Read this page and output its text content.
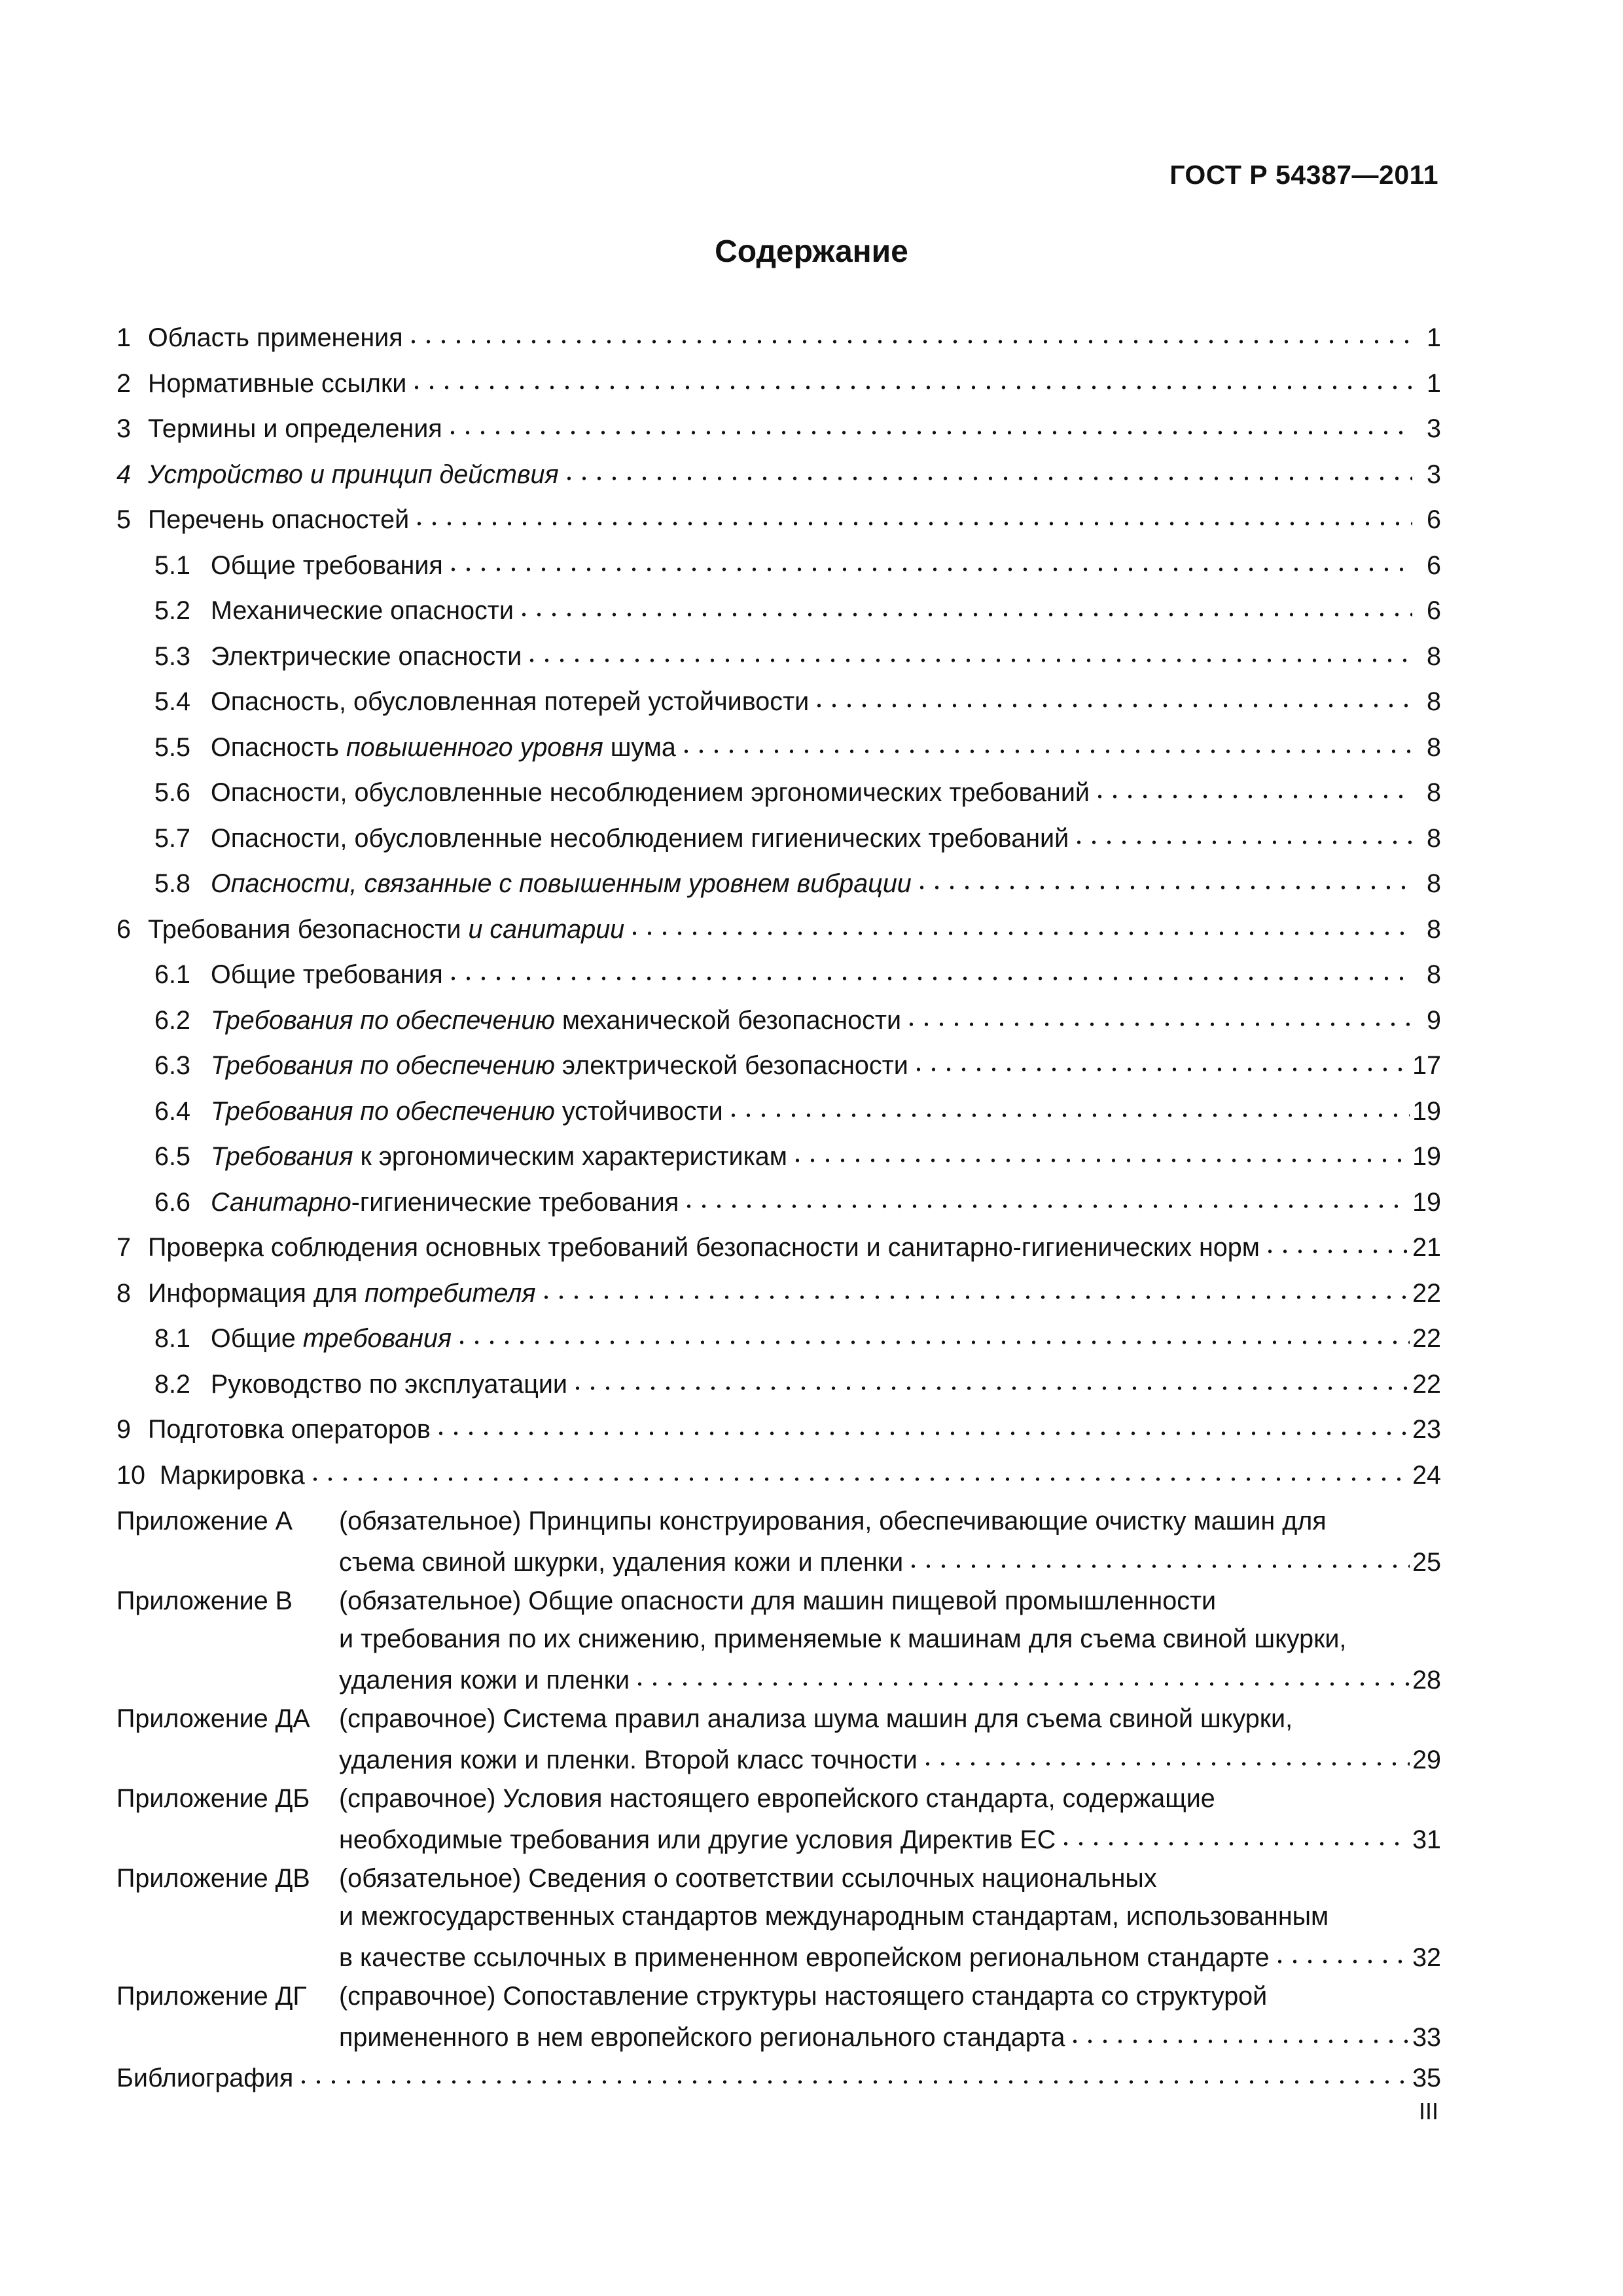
ГОСТ Р 54387—2011
Содержание
1 Область применения	1
2 Нормативные ссылки	1
3 Термины и определения	3
4 Устройство и принцип действия	3
5 Перечень опасностей	6
5.1 Общие требования	6
5.2 Механические опасности	6
5.3 Электрические опасности	8
5.4 Опасность, обусловленная потерей устойчивости	8
5.5 Опасность повышенного уровня шума	8
5.6 Опасности, обусловленные несоблюдением эргономических требований	8
5.7 Опасности, обусловленные несоблюдением гигиенических требований	8
5.8 Опасности, связанные с повышенным уровнем вибрации	8
6 Требования безопасности и санитарии	8
6.1 Общие требования	8
6.2 Требования по обеспечению механической безопасности	9
6.3 Требования по обеспечению электрической безопасности	17
6.4 Требования по обеспечению устойчивости	19
6.5 Требования к эргономическим характеристикам	19
6.6 Санитарно-гигиенические требования	19
7 Проверка соблюдения основных требований безопасности и санитарно-гигиенических норм	21
8 Информация для потребителя	22
8.1 Общие требования	22
8.2 Руководство по эксплуатации	22
9 Подготовка операторов	23
10 Маркировка	24
Приложение А	(обязательное) Принципы конструирования, обеспечивающие очистку машин для
съема свиной шкурки, удаления кожи и пленки	25
Приложение В	(обязательное) Общие опасности для машин пищевой промышленности
и требования по их снижению, применяемые к машинам для съема свиной шкурки,
удаления кожи и пленки	28
Приложение ДА	(справочное) Система правил анализа шума машин для съема свиной шкурки,
удаления кожи и пленки. Второй класс точности	29
Приложение ДБ	(справочное) Условия настоящего европейского стандарта, содержащие
необходимые требования или другие условия Директив ЕС	31
Приложение ДВ	(обязательное) Сведения о соответствии ссылочных национальных
и межгосударственных стандартов международным стандартам, использованным
в качестве ссылочных в примененном европейском региональном стандарте	32
Приложение ДГ	(справочное) Сопоставление структуры настоящего стандарта со структурой
примененного в нем европейского регионального стандарта	33
Библиография	35
III
